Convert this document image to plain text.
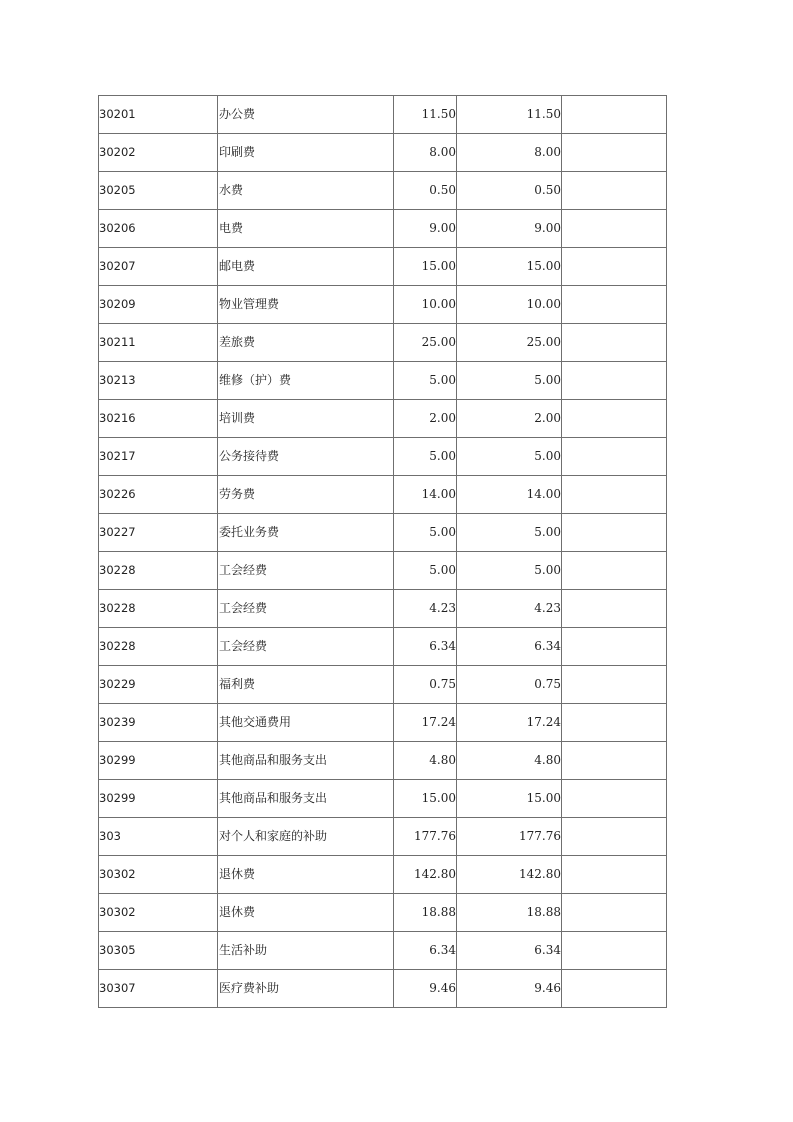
30201	办公费	11.50	11.50	
30202	印刷费	8.00	8.00	
30205	水费	0.50	0.50	
30206	电费	9.00	9.00	
30207	邮电费	15.00	15.00	
30209	物业管理费	10.00	10.00	
30211	差旅费	25.00	25.00	
30213	维修（护）费	5.00	5.00	
30216	培训费	2.00	2.00	
30217	公务接待费	5.00	5.00	
30226	劳务费	14.00	14.00	
30227	委托业务费	5.00	5.00	
30228	工会经费	5.00	5.00	
30228	工会经费	4.23	4.23	
30228	工会经费	6.34	6.34	
30229	福利费	0.75	0.75	
30239	其他交通费用	17.24	17.24	
30299	其他商品和服务支出	4.80	4.80	
30299	其他商品和服务支出	15.00	15.00	
303	对个人和家庭的补助	177.76	177.76	
30302	退休费	142.80	142.80	
30302	退休费	18.88	18.88	
30305	生活补助	6.34	6.34	
30307	医疗费补助	9.46	9.46	
